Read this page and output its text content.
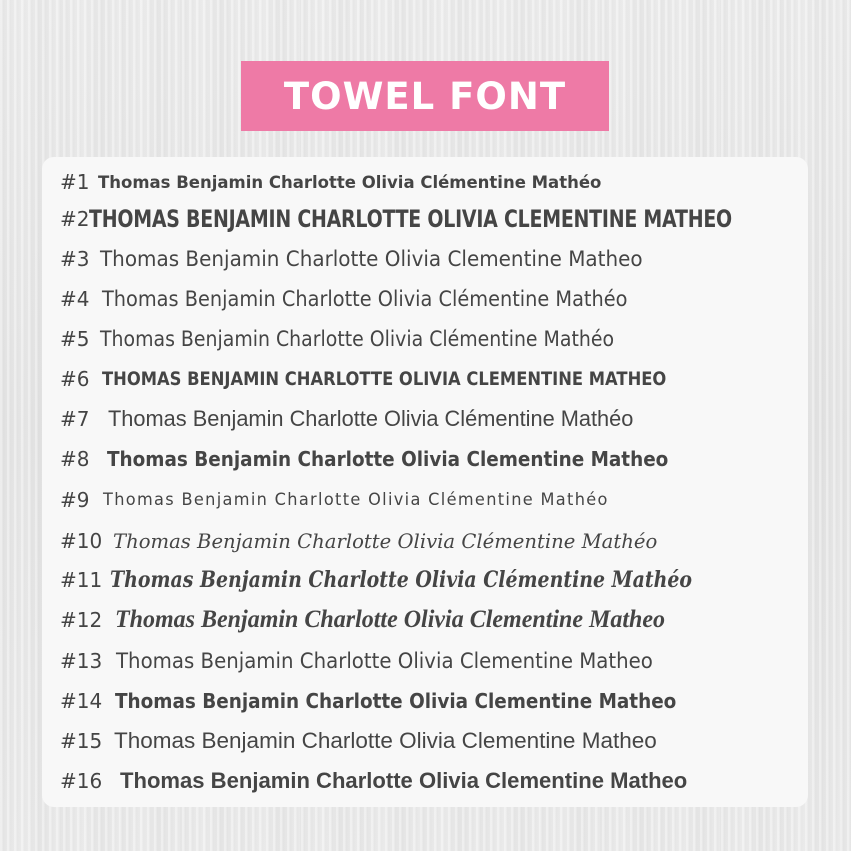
TOWEL FONT
#1 Thomas Benjamin Charlotte Olivia Clémentine Mathéo
#2 THOMAS BENJAMIN CHARLOTTE OLIVIA CLEMENTINE MATHEO
#3 Thomas Benjamin Charlotte Olivia Clementine Matheo
#4 Thomas Benjamin Charlotte Olivia Clémentine Mathéo
#5 Thomas Benjamin Charlotte Olivia Clémentine Mathéo
#6 THOMAS BENJAMIN CHARLOTTE OLIVIA CLEMENTINE MATHEO
#7 Thomas Benjamin Charlotte Olivia Clémentine Mathéo
#8 Thomas Benjamin Charlotte Olivia Clementine Matheo
#9 Thomas Benjamin Charlotte Olivia Clémentine Mathéo
#10 Thomas Benjamin Charlotte Olivia Clémentine Mathéo
#11 Thomas Benjamin Charlotte Olivia Clémentine Mathéo
#12 Thomas Benjamin Charlotte Olivia Clementine Matheo
#13 Thomas Benjamin Charlotte Olivia Clementine Matheo
#14 Thomas Benjamin Charlotte Olivia Clementine Matheo
#15 Thomas Benjamin Charlotte Olivia Clementine Matheo
#16 Thomas Benjamin Charlotte Olivia Clementine Matheo
